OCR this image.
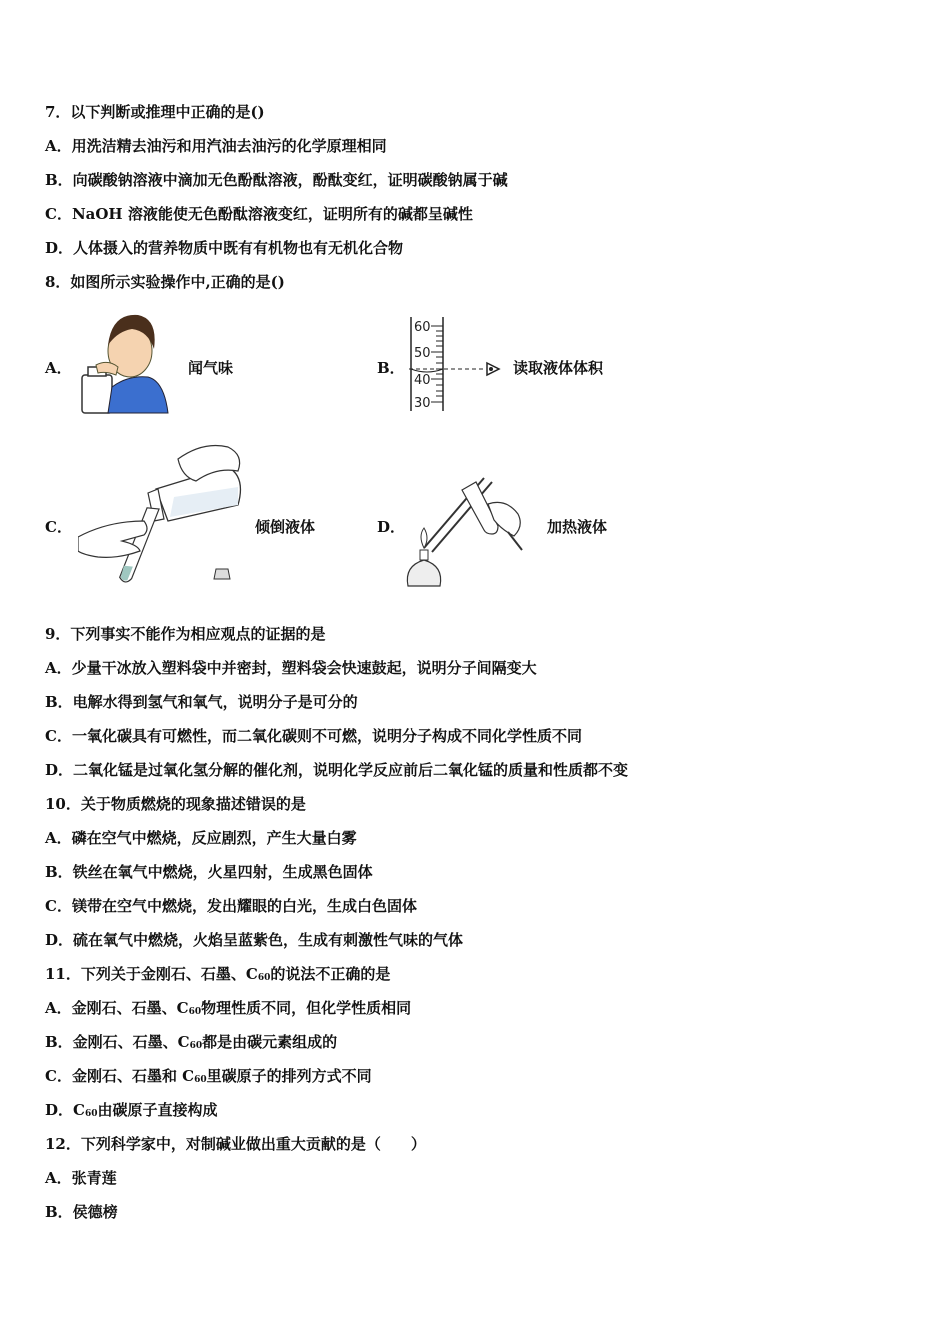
7．以下判断或推理中正确的是()
A．用洗洁精去油污和用汽油去油污的化学原理相同
B．向碳酸钠溶液中滴加无色酚酞溶液，酚酞变红，证明碳酸钠属于碱
C．NaOH 溶液能使无色酚酞溶液变红，证明所有的碱都呈碱性
D．人体摄入的营养物质中既有有机物也有无机化合物
8．如图所示实验操作中,正确的是()
A．	闻气味	B．
60
50
40
30
读取液体体积
C．	倾倒液体	D．	加热液体
9．下列事实不能作为相应观点的证据的是
A．少量干冰放入塑料袋中并密封，塑料袋会快速鼓起，说明分子间隔变大
B．电解水得到氢气和氧气，说明分子是可分的
C．一氧化碳具有可燃性，而二氧化碳则不可燃，说明分子构成不同化学性质不同
D．二氧化锰是过氧化氢分解的催化剂，说明化学反应前后二氧化锰的质量和性质都不变
10．关于物质燃烧的现象描述错误的是
A．磷在空气中燃烧，反应剧烈，产生大量白雾
B．铁丝在氧气中燃烧，火星四射，生成黑色固体
C．镁带在空气中燃烧，发出耀眼的白光，生成白色固体
D．硫在氧气中燃烧，火焰呈蓝紫色，生成有刺激性气味的气体
11．下列关于金刚石、石墨、$C_{60}$的说法不正确的是
A．金刚石、石墨、$C_{60}$物理性质不同，但化学性质相同
B．金刚石、石墨、$C_{60}$都是由碳元素组成的
C．金刚石、石墨和 $C_{60}$里碳原子的排列方式不同
D．$C_{60}$由碳原子直接构成
12．下列科学家中，对制碱业做出重大贡献的是（　　）
A．张青莲
B．侯德榜
